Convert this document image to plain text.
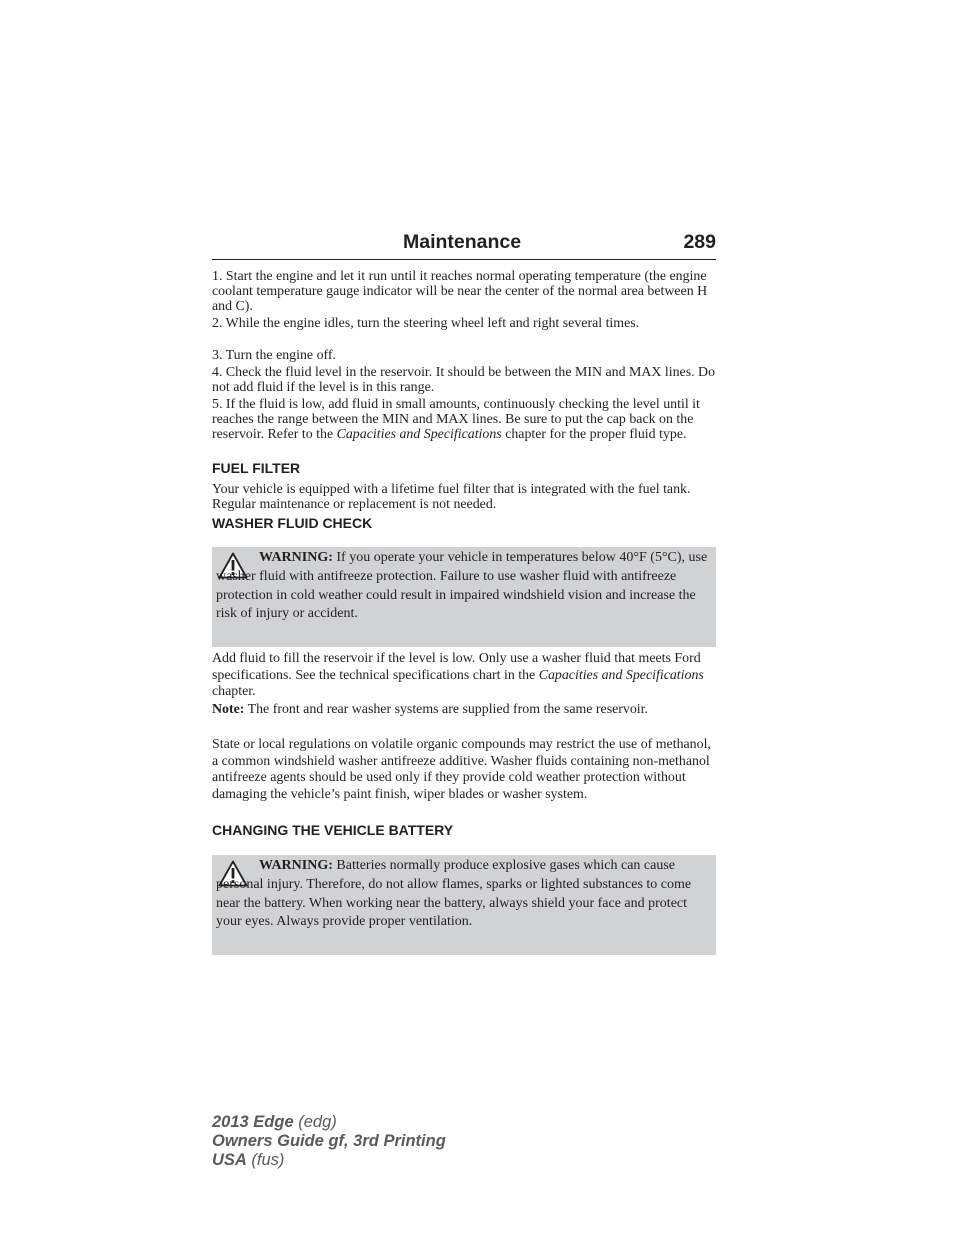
Maintenance	289

1. Start the engine and let it run until it reaches normal operating temperature (the engine coolant temperature gauge indicator will be near the center of the normal area between H and C).

2. While the engine idles, turn the steering wheel left and right several times.

3. Turn the engine off.

4. Check the fluid level in the reservoir. It should be between the MIN and MAX lines. Do not add fluid if the level is in this range.

5. If the fluid is low, add fluid in small amounts, continuously checking the level until it reaches the range between the MIN and MAX lines. Be sure to put the cap back on the reservoir. Refer to the Capacities and Specifications chapter for the proper fluid type.

FUEL FILTER

Your vehicle is equipped with a lifetime fuel filter that is integrated with the fuel tank. Regular maintenance or replacement is not needed.

WASHER FLUID CHECK
WARNING: If you operate your vehicle in temperatures below 40°F (5°C), use washer fluid with antifreeze protection. Failure to use washer fluid with antifreeze protection in cold weather could result in impaired windshield vision and increase the risk of injury or accident.

Add fluid to fill the reservoir if the level is low. Only use a washer fluid that meets Ford specifications. See the technical specifications chart in the Capacities and Specifications chapter.

Note: The front and rear washer systems are supplied from the same reservoir.

State or local regulations on volatile organic compounds may restrict the use of methanol, a common windshield washer antifreeze additive. Washer fluids containing non-methanol antifreeze agents should be used only if they provide cold weather protection without damaging the vehicle’s paint finish, wiper blades or washer system.

CHANGING THE VEHICLE BATTERY
WARNING: Batteries normally produce explosive gases which can cause personal injury. Therefore, do not allow flames, sparks or lighted substances to come near the battery. When working near the battery, always shield your face and protect your eyes. Always provide proper ventilation.
2013 Edge (edg)
Owners Guide gf, 3rd Printing
USA (fus)
